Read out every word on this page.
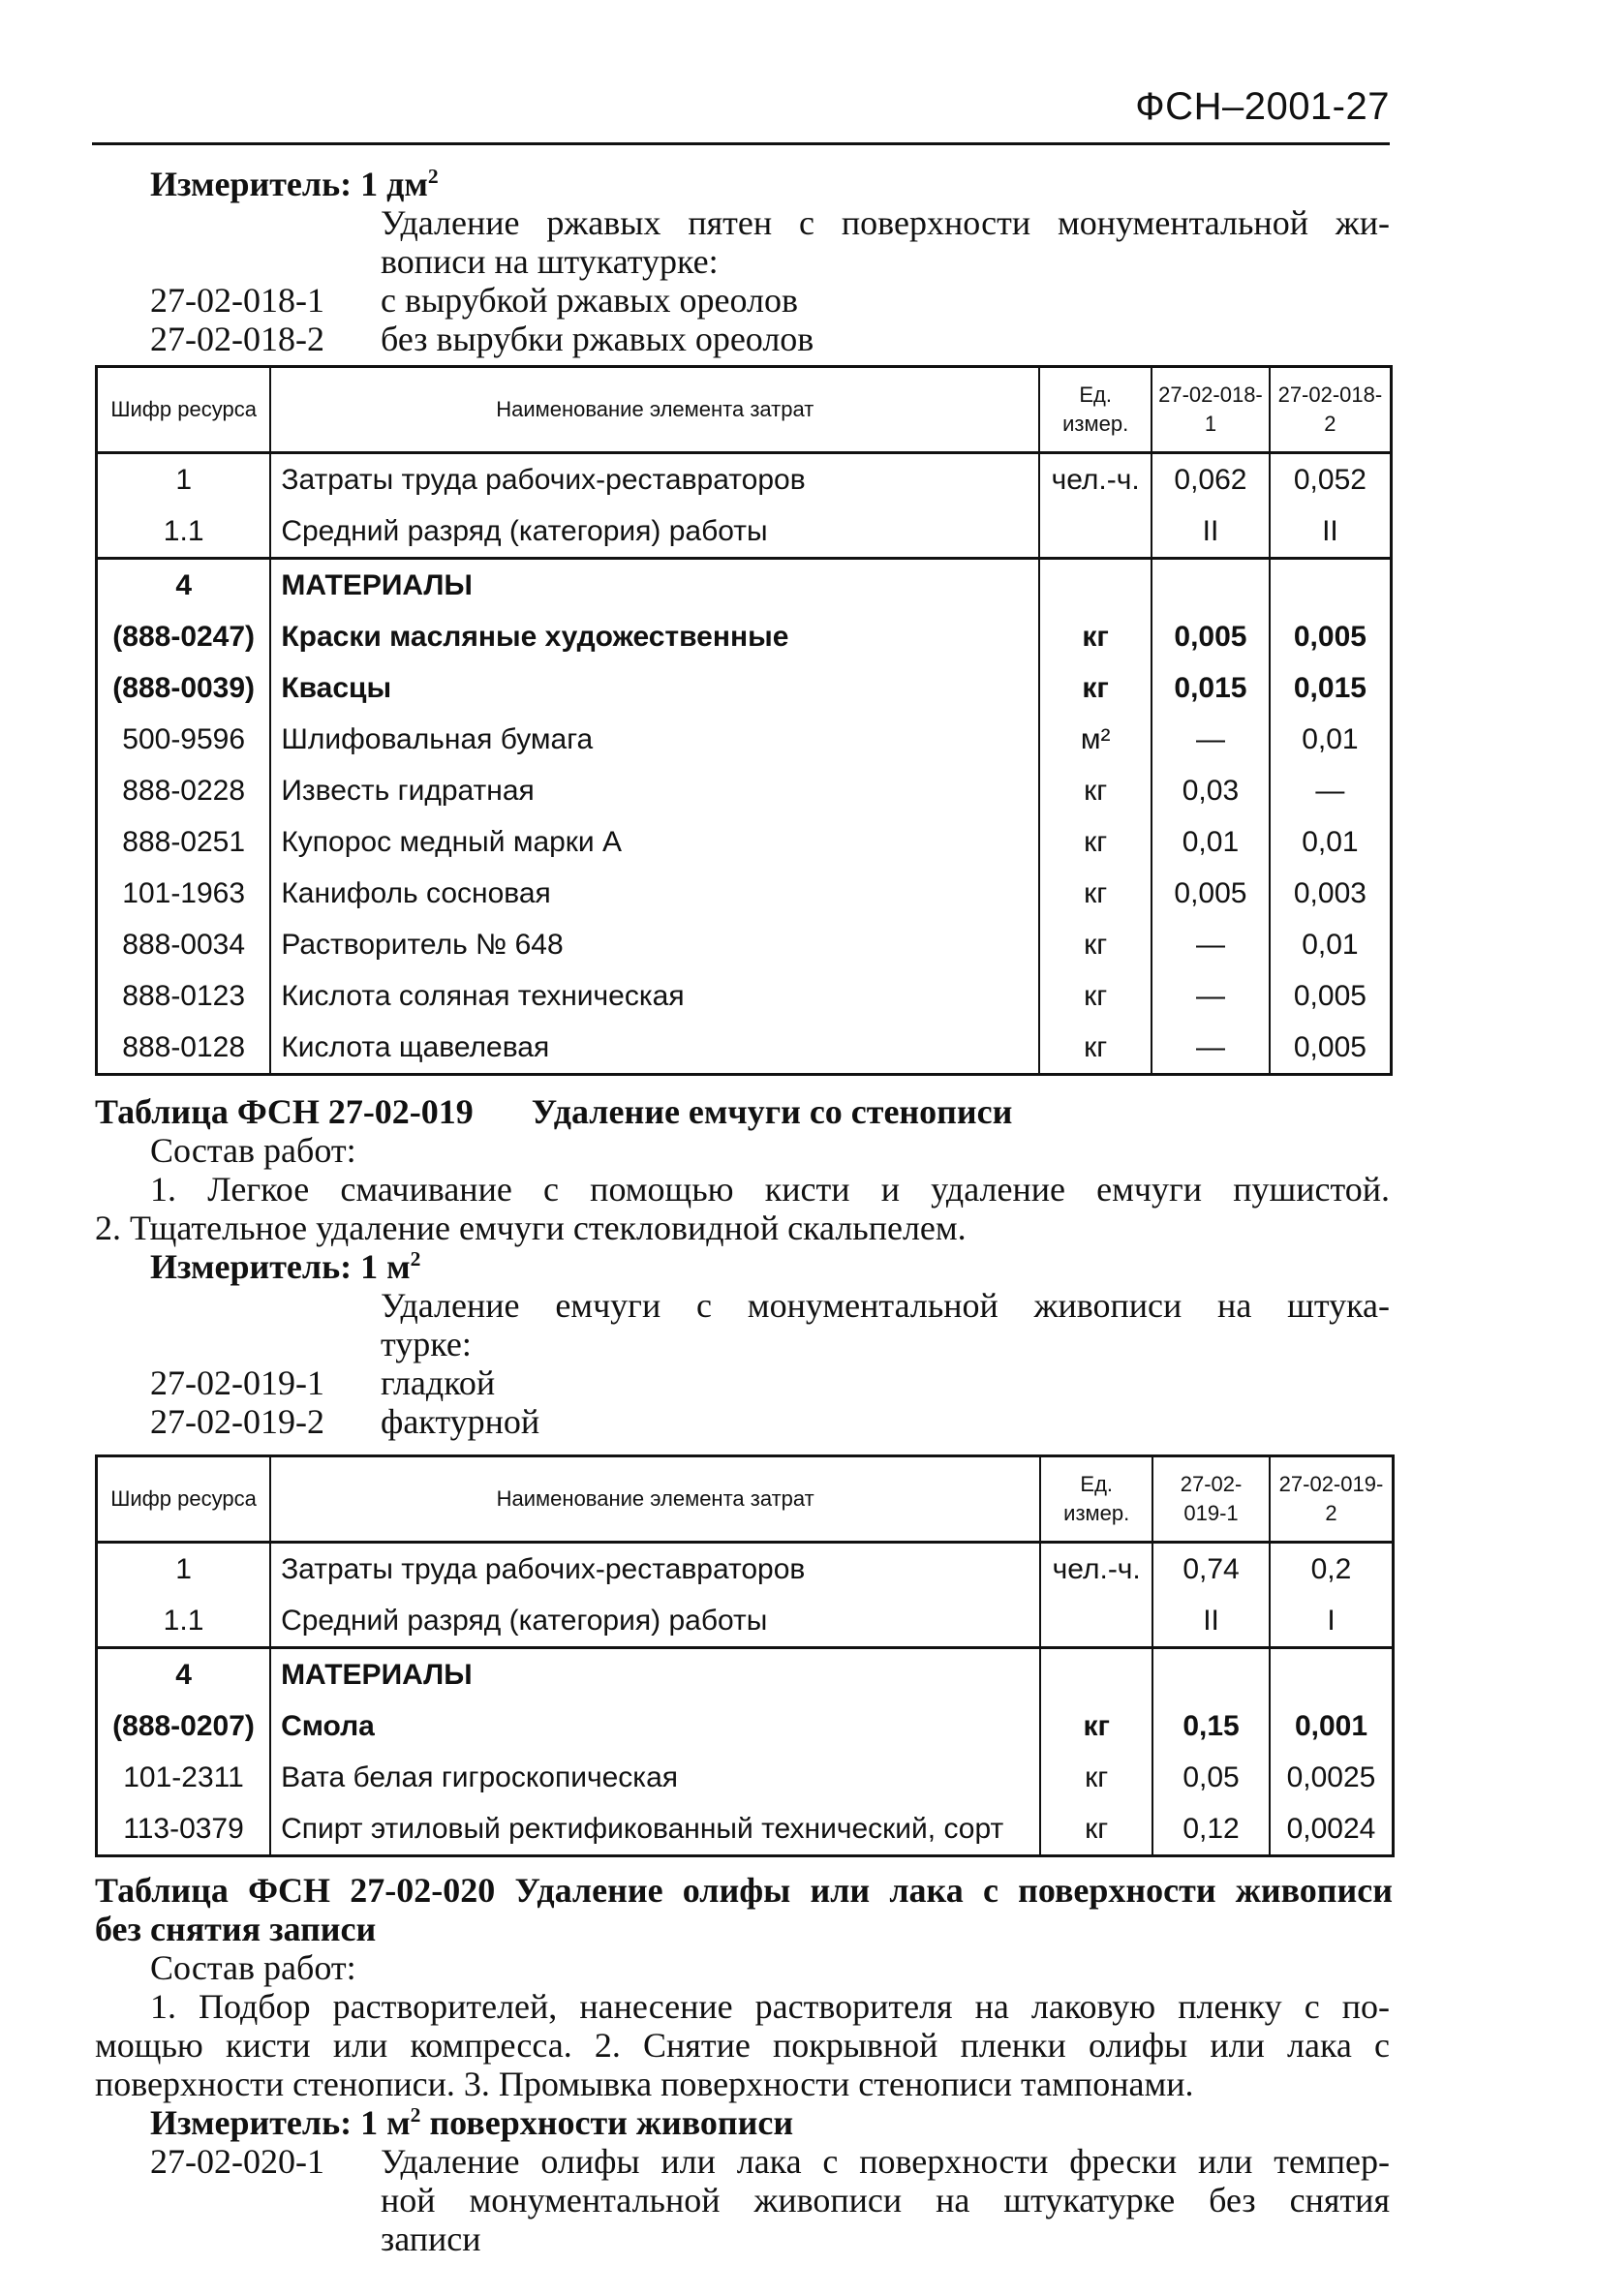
ФСН–2001-27
Измеритель: 1 $дм^2$
Удаление ржавых пятен с поверхности монументальной жи-
вописи на штукатурке:
27-02-018-1 с вырубкой ржавых ореолов
27-02-018-2 без вырубки ржавых ореолов
Шифр ресурса	Наименование элемента затрат	Ед. измер.	27-02-018-1	27-02-018-2
1	Затраты труда рабочих-реставраторов	чел.-ч.	0,062	0,052
1.1	Средний разряд (категория) работы		II	II
4	МАТЕРИАЛЫ			
(888-0247)	Краски масляные художественные	кг	0,005	0,005
(888-0039)	Квасцы	кг	0,015	0,015
500-9596	Шлифовальная бумага	м²	—	0,01
888-0228	Известь гидратная	кг	0,03	—
888-0251	Купорос медный марки А	кг	0,01	0,01
101-1963	Канифоль сосновая	кг	0,005	0,003
888-0034	Растворитель № 648	кг	—	0,01
888-0123	Кислота соляная техническая	кг	—	0,005
888-0128	Кислота щавелевая	кг	—	0,005
Таблица ФСН 27-02-019 Удаление емчуги со стенописи
Состав работ:
1. Легкое смачивание с помощью кисти и удаление емчуги пушистой.
2. Тщательное удаление емчуги стекловидной скальпелем.
Измеритель: 1 $м^2$
Удаление емчуги с монументальной живописи на штука-
турке:
27-02-019-1 гладкой
27-02-019-2 фактурной
Шифр ресурса	Наименование элемента затрат	Ед. измер.	27-02-019-1	27-02-019-2
1	Затраты труда рабочих-реставраторов	чел.-ч.	0,74	0,2
1.1	Средний разряд (категория) работы		II	I
4	МАТЕРИАЛЫ			
(888-0207)	Смола	кг	0,15	0,001
101-2311	Вата белая гигроскопическая	кг	0,05	0,0025
113-0379	Спирт этиловый ректификованный технический, сорт	кг	0,12	0,0024
Таблица ФСН 27-02-020 Удаление олифы или лака с поверхности живописи
без снятия записи
Состав работ:
1. Подбор растворителей, нанесение растворителя на лаковую пленку с по-
мощью кисти или компресса. 2. Снятие покрывной пленки олифы или лака с
поверхности стенописи. 3. Промывка поверхности стенописи тампонами.
Измеритель: 1 $м^2$ поверхности живописи
27-02-020-1 Удаление олифы или лака с поверхности фрески или темпер-
ной монументальной живописи на штукатурке без снятия
записи
